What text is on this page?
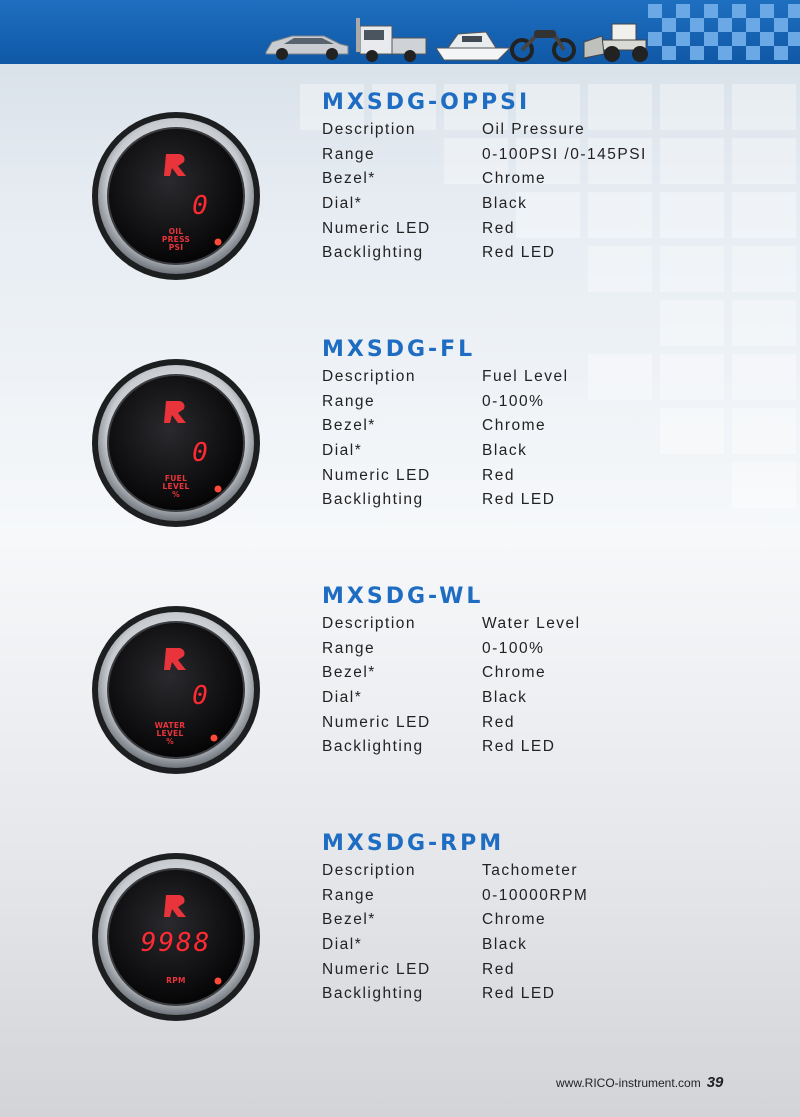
0
OIL
PRESS
PSI
MXSDG-OPPSI
Description	Oil Pressure
Range	0-100PSI /0-145PSI
Bezel*	Chrome
Dial*	Black
Numeric LED	Red
Backlighting	Red LED
0
FUEL
LEVEL
%
MXSDG-FL
Description	Fuel Level
Range	0-100%
Bezel*	Chrome
Dial*	Black
Numeric LED	Red
Backlighting	Red LED
0
WATER
LEVEL
%
MXSDG-WL
Description	Water Level
Range	0-100%
Bezel*	Chrome
Dial*	Black
Numeric LED	Red
Backlighting	Red LED
9988
RPM
MXSDG-RPM
Description	Tachometer
Range	0-10000RPM
Bezel*	Chrome
Dial*	Black
Numeric LED	Red
Backlighting	Red LED
www.RICO-instrument.com 39
